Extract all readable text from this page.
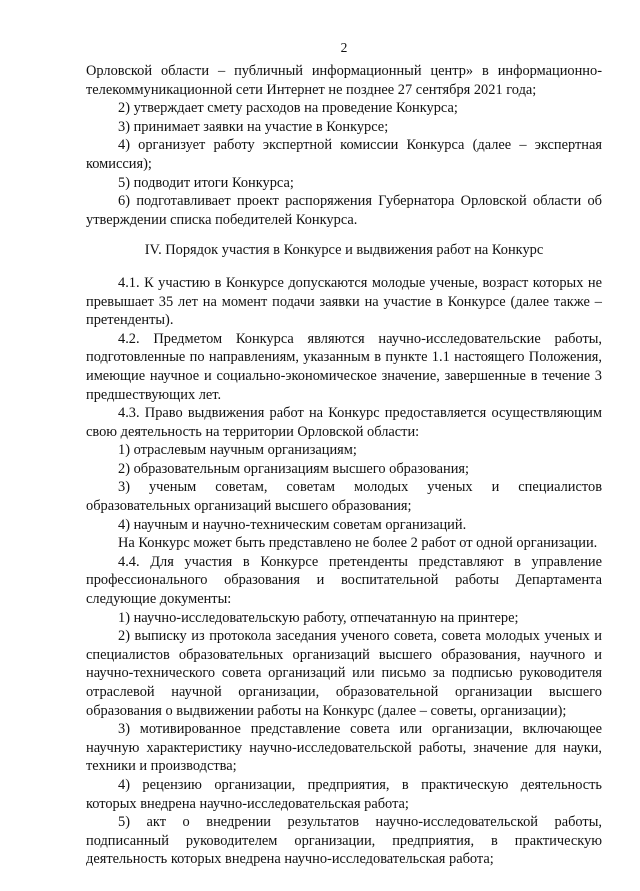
2

Орловской области – публичный информационный центр» в информационно-телекоммуникационной сети Интернет не позднее 27 сентября 2021 года;

2) утверждает смету расходов на проведение Конкурса;

3) принимает заявки на участие в Конкурсе;

4) организует работу экспертной комиссии Конкурса (далее – экспертная комиссия);

5) подводит итоги Конкурса;

6) подготавливает проект распоряжения Губернатора Орловской области об утверждении списка победителей Конкурса.

IV. Порядок участия в Конкурсе и выдвижения работ на Конкурс

4.1. К участию в Конкурсе допускаются молодые ученые, возраст которых не превышает 35 лет на момент подачи заявки на участие в Конкурсе (далее также – претенденты).

4.2. Предметом Конкурса являются научно-исследовательские работы, подготовленные по направлениям, указанным в пункте 1.1 настоящего Положения, имеющие научное и социально-экономическое значение, завершенные в течение 3 предшествующих лет.

4.3. Право выдвижения работ на Конкурс предоставляется осуществляющим свою деятельность на территории Орловской области:

1) отраслевым научным организациям;

2) образовательным организациям высшего образования;

3) ученым советам, советам молодых ученых и специалистов образовательных организаций высшего образования;

4) научным и научно-техническим советам организаций.

На Конкурс может быть представлено не более 2 работ от одной организации.

4.4. Для участия в Конкурсе претенденты представляют в управление профессионального образования и воспитательной работы Департамента следующие документы:

1) научно-исследовательскую работу, отпечатанную на принтере;

2) выписку из протокола заседания ученого совета, совета молодых ученых и специалистов образовательных организаций высшего образования, научного и научно-технического совета организаций или письмо за подписью руководителя отраслевой научной организации, образовательной организации высшего образования о выдвижении работы на Конкурс (далее – советы, организации);

3) мотивированное представление совета или организации, включающее научную характеристику научно-исследовательской работы, значение для науки, техники и производства;

4) рецензию организации, предприятия, в практическую деятельность которых внедрена научно-исследовательская работа;

5) акт о внедрении результатов научно-исследовательской работы, подписанный руководителем организации, предприятия, в практическую деятельность которых внедрена научно-исследовательская работа;
